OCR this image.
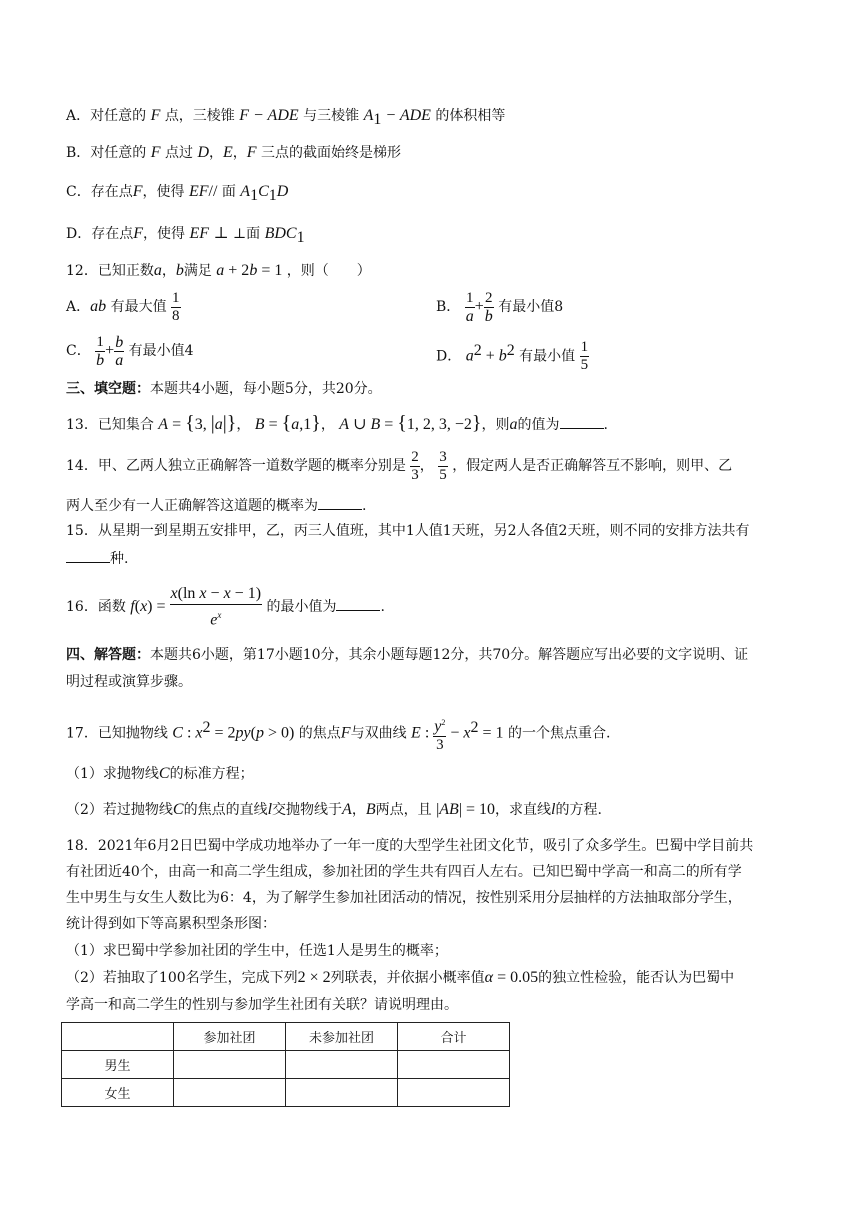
A．对任意的 F 点，三棱锥 F − ADE 与三棱锥 $A_1$ − ADE 的体积相等
B．对任意的 F 点过 D，E，F 三点的截面始终是梯形
C．存在点F，使得 EF// 面 $A_1C_1D$
D．存在点F，使得 EF ⊥ ⊥面 $BDC_1$
12．已知正数a，b满足 a + 2b = 1 ，则（　　）
A．ab 有最大值 $\frac{1}{8}$	B． $\frac{1}{a} + \frac{2}{b}$ 有最小值8
C． $\frac{1}{b} + \frac{b}{a}$ 有最小值4	D． $a^2 + b^2$ 有最小值 $\frac{1}{5}$
三、填空题：本题共4小题，每小题5分，共20分。
13．已知集合 A = {3, |a|}， B = {a,1}， A ∪ B = {1, 2, 3, −2}，则a的值为	.
14．甲、乙两人独立正确解答一道数学题的概率分别是 $\frac{2}{3}$ ， $\frac{3}{5}$ ，假定两人是否正确解答互不影响，则甲、乙
两人至少有一人正确解答这道题的概率为	.
15．从星期一到星期五安排甲，乙，丙三人值班，其中1人值1天班，另2人各值2天班，则不同的安排方法共有
种.
16．函数 $f(x) = \frac{\text{x(ln x − x − 1)}}{e^x}$ 的最小值为	.
四、解答题：本题共6小题，第17小题10分，其余小题每题12分，共70分。解答题应写出必要的文字说明、证
明过程或演算步骤。
17．已知抛物线 C : $x^2 = 2py(p > 0)$ 的焦点F与双曲线 E : $\frac{y^2}{3} - x^2 = 1$ 的一个焦点重合.
（1）求抛物线C的标准方程；
（2）若过抛物线C的焦点的直线l交抛物线于A，B两点，且 |AB| = 10，求直线l的方程.
18．2021年6月2日巴蜀中学成功地举办了一年一度的大型学生社团文化节，吸引了众多学生。巴蜀中学目前共
有社团近40个，由高一和高二学生组成，参加社团的学生共有四百人左右。已知巴蜀中学高一和高二的所有学
生中男生与女生人数比为6：4，为了解学生参加社团活动的情况，按性别采用分层抽样的方法抽取部分学生，
统计得到如下等高累积型条形图：
（1）求巴蜀中学参加社团的学生中，任选1人是男生的概率；
（2）若抽取了100名学生，完成下列2 × 2列联表，并依据小概率值α = 0.05的独立性检验，能否认为巴蜀中
学高一和高二学生的性别与参加学生社团有关联？请说明理由。
	参加社团	未参加社团	合计
男生			
女生			
